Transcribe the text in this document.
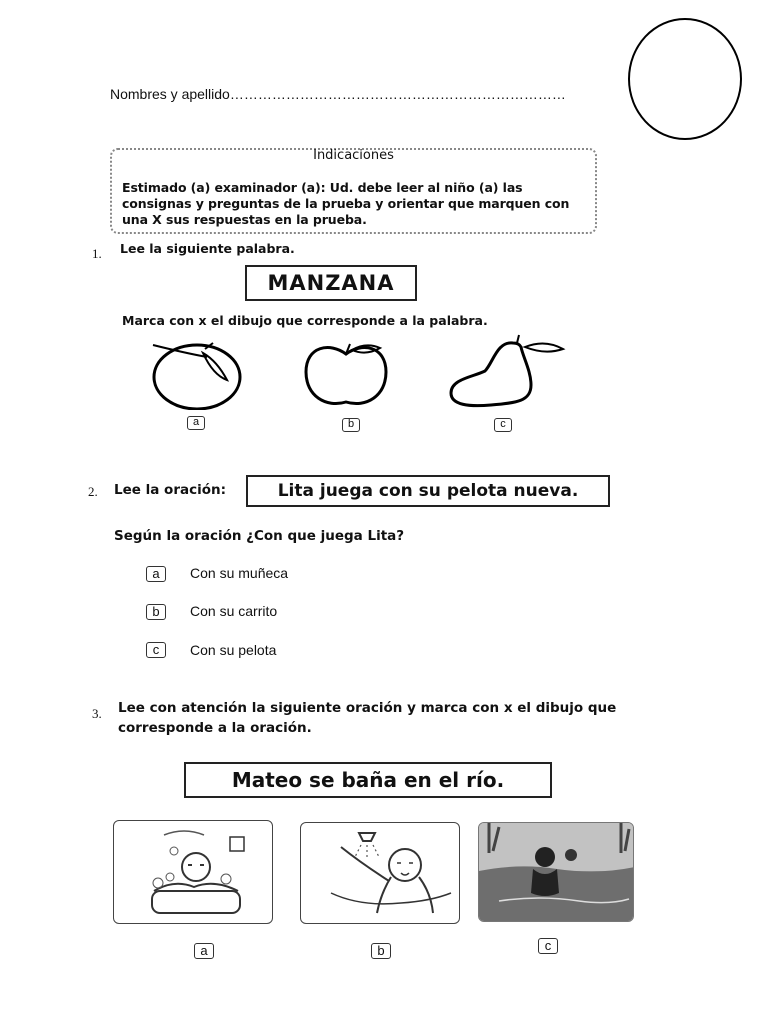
Nombres y apellido………………………………………………………………
Indicaciones
Estimado (a) examinador (a): Ud. debe leer al niño (a) las consignas y preguntas de la prueba y orientar que marquen con una X sus respuestas en la prueba.
1. Lee la siguiente palabra.
MANZANA
Marca con x el dibujo que corresponde a la palabra.
a	b	c
2. Lee la oración:	Lita juega con su pelota nueva.
Según la oración ¿Con que juega Lita?
a	Con su muñeca
b	Con su carrito
c	Con su pelota
3. Lee con atención la siguiente oración y marca con x el dibujo que
corresponde a la oración.
Mateo se baña en el río.
a	b	c
